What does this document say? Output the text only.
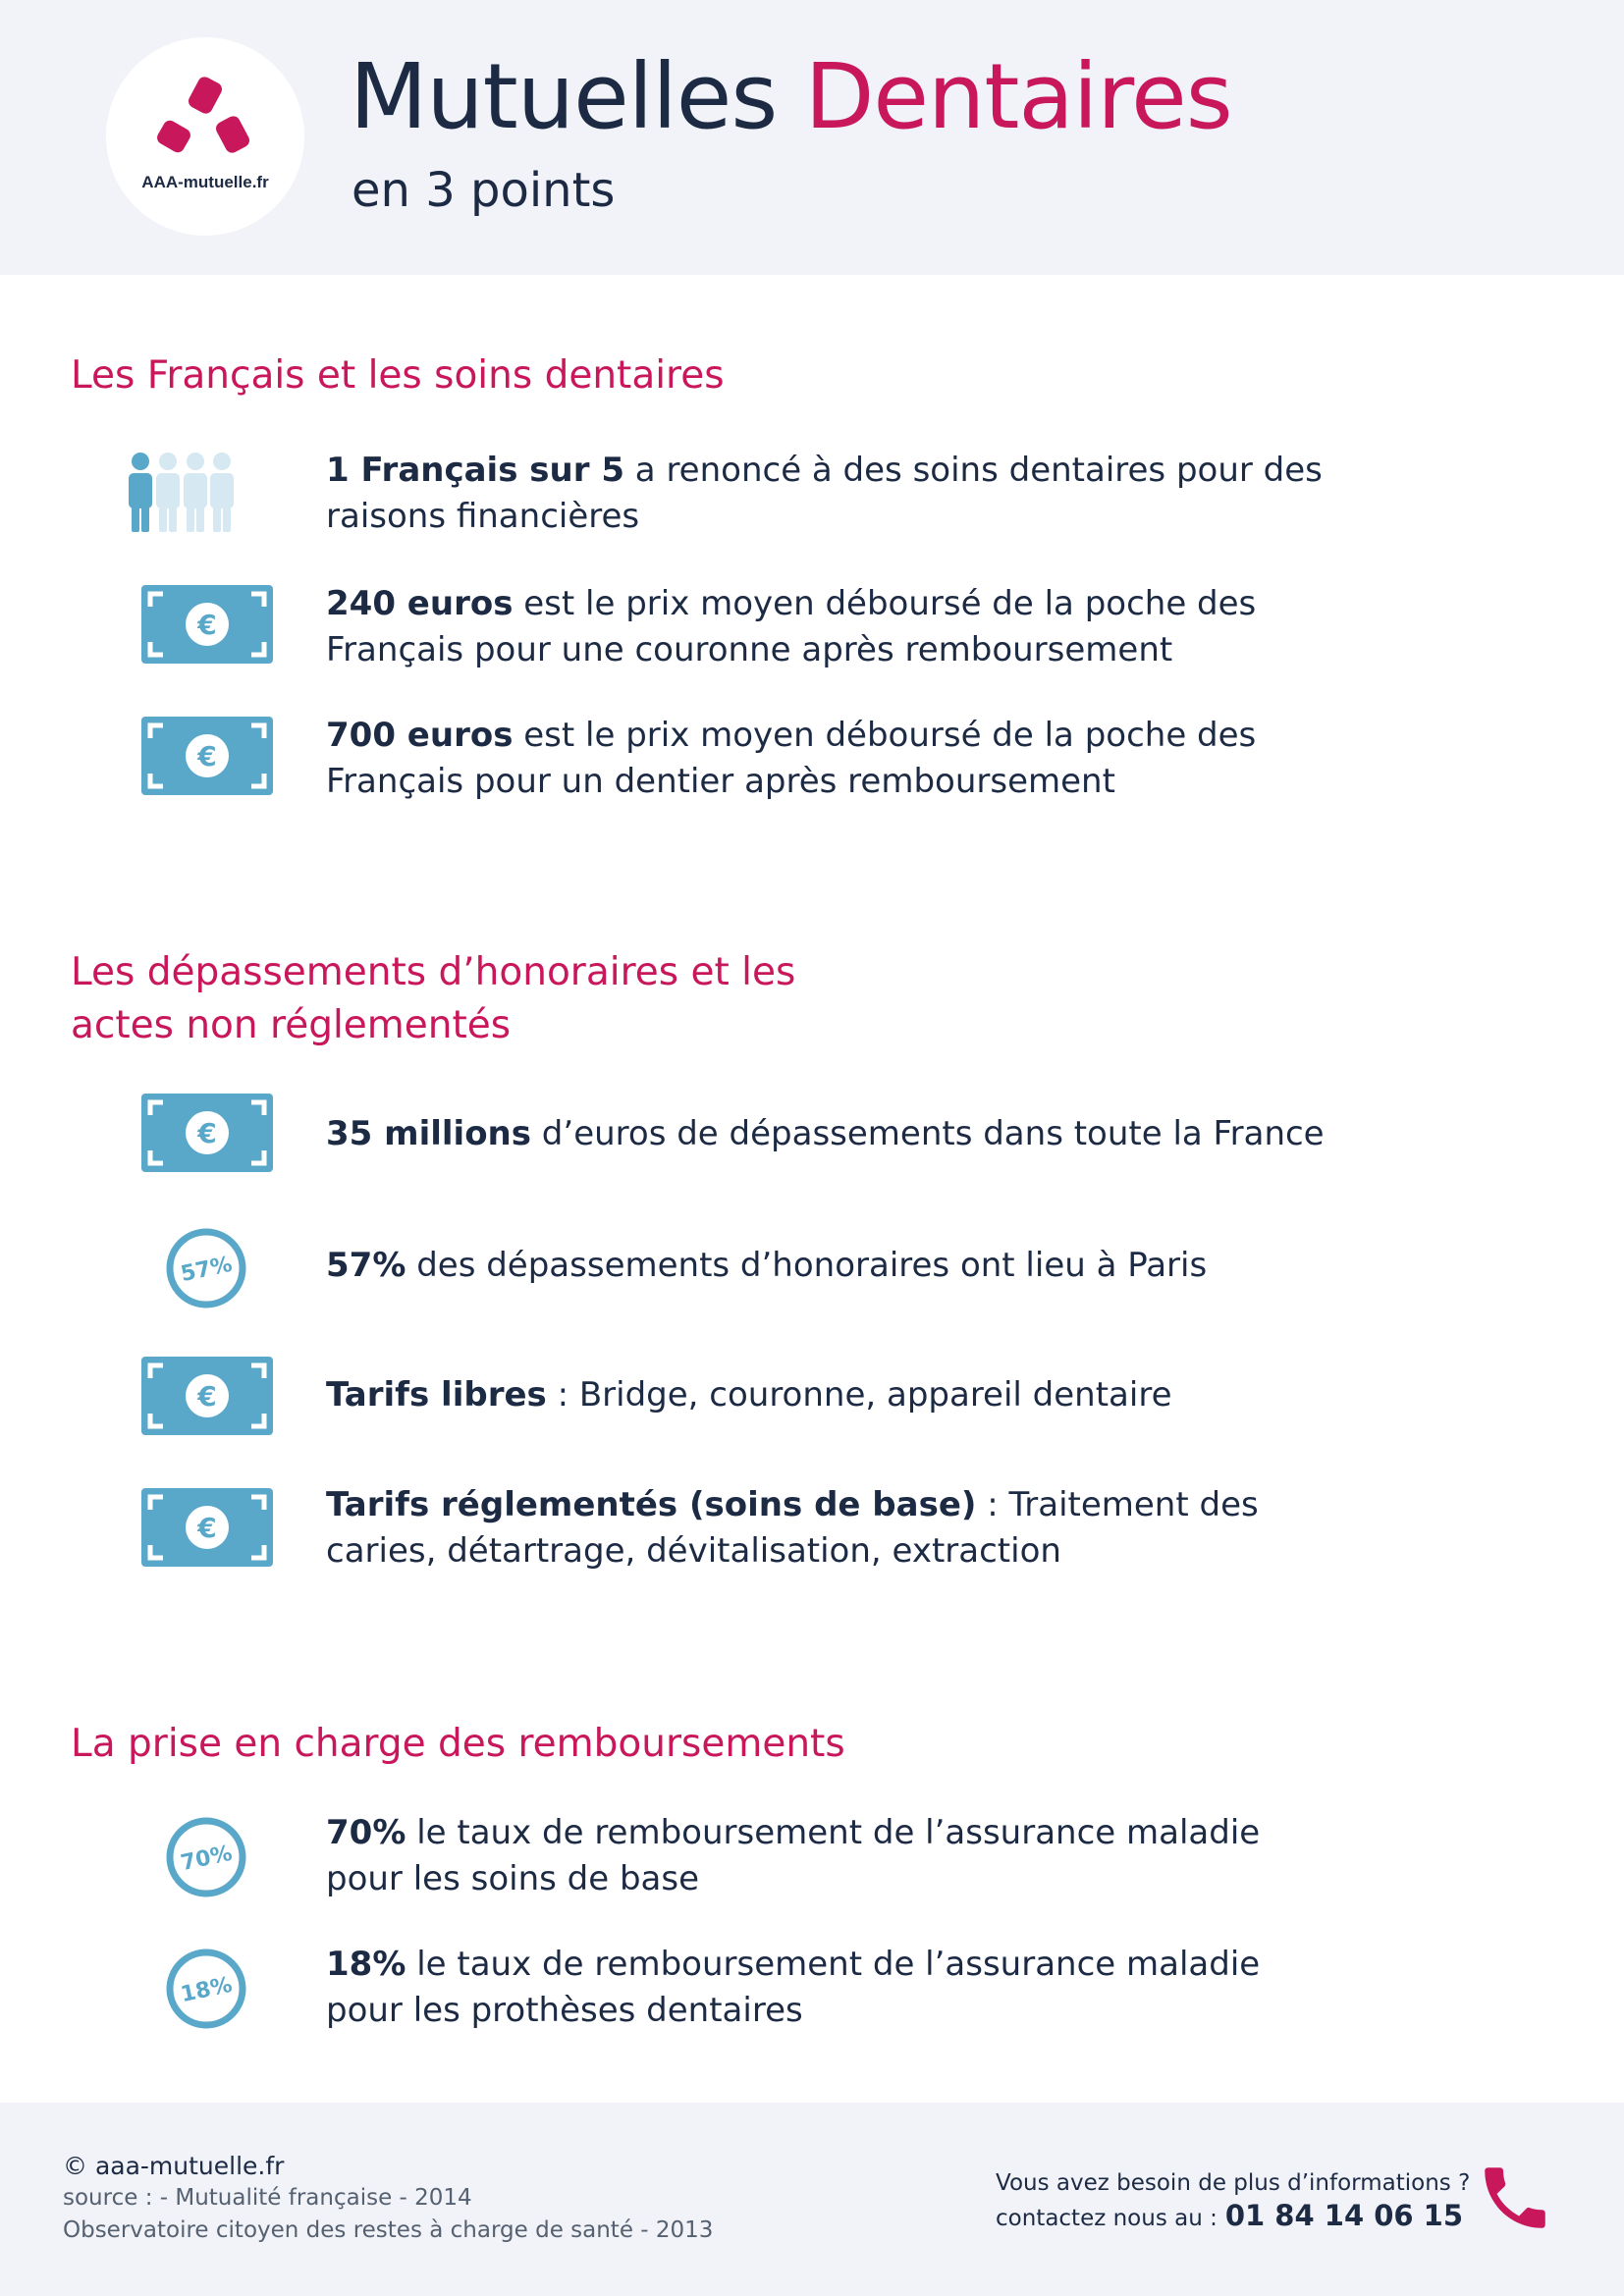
AAA-mutuelle.fr
Mutuelles Dentaires
en 3 points
Les Français et les soins dentaires
1 Français sur 5 a renoncé à des soins dentaires pour des raisons financières
€
240 euros est le prix moyen déboursé de la poche des Français pour une couronne après remboursement
€
700 euros est le prix moyen déboursé de la poche des Français pour un dentier après remboursement
Les dépassements d’honoraires et les
actes non réglementés
€	35 millions d’euros de dépassements dans toute la France
57%	57% des dépassements d’honoraires ont lieu à Paris
€	Tarifs libres : Bridge, couronne, appareil dentaire
€
Tarifs réglementés (soins de base) : Traitement des caries, détartrage, dévitalisation, extraction
La prise en charge des remboursements
70%
70% le taux de remboursement de l’assurance maladie pour les soins de base
18%
18% le taux de remboursement de l’assurance maladie pour les prothèses dentaires
© aaa-mutuelle.fr
source : - Mutualité française - 2014
Observatoire citoyen des restes à charge de santé - 2013
Vous avez besoin de plus d’informations ?
contactez nous au : 01 84 14 06 15
